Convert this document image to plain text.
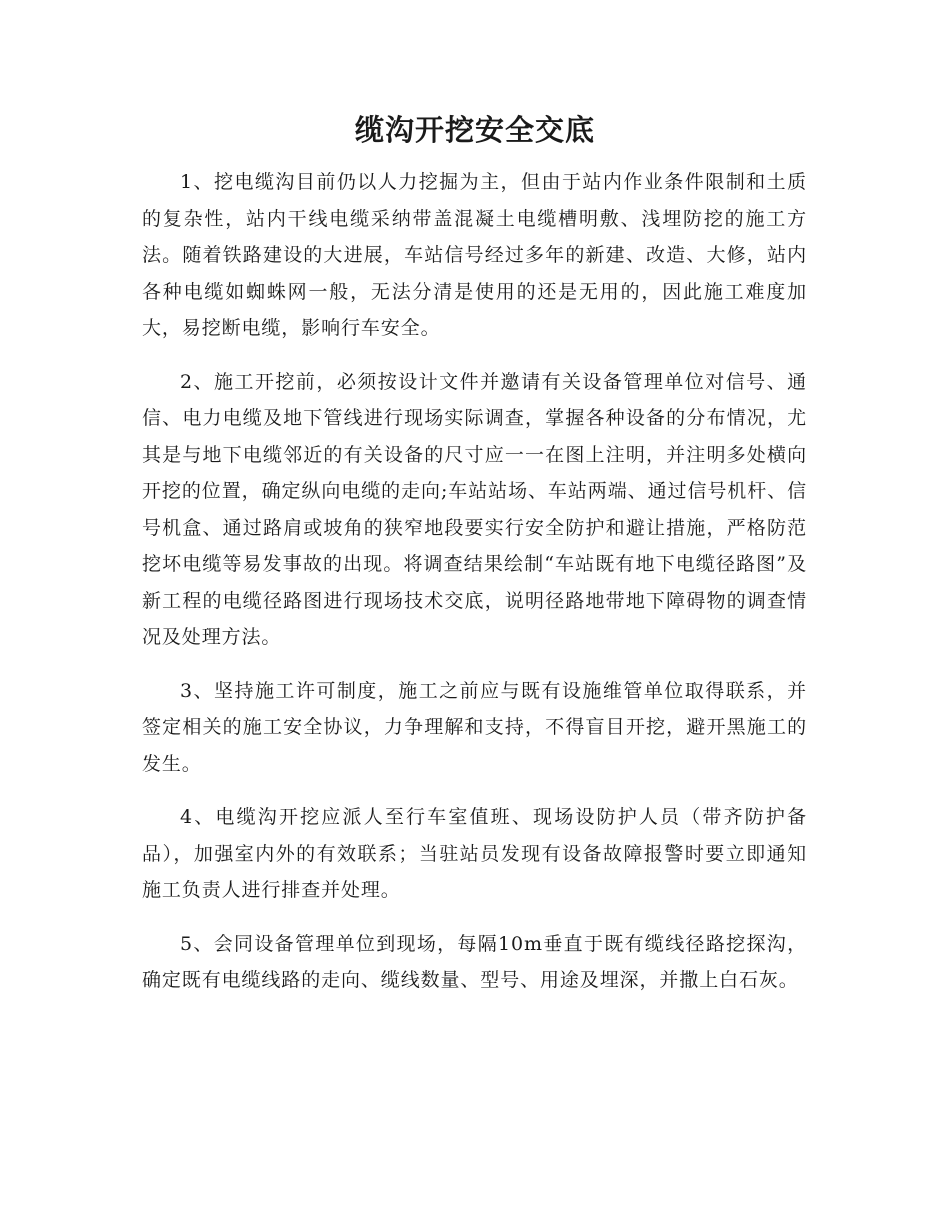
缆沟开挖安全交底

1、挖电缆沟目前仍以人力挖掘为主，但由于站内作业条件限制和土质的复杂性，站内干线电缆采纳带盖混凝土电缆槽明敷、浅埋防挖的施工方法。随着铁路建设的大进展，车站信号经过多年的新建、改造、大修，站内各种电缆如蜘蛛网一般，无法分清是使用的还是无用的，因此施工难度加大，易挖断电缆，影响行车安全。

2、施工开挖前，必须按设计文件并邀请有关设备管理单位对信号、通信、电力电缆及地下管线进行现场实际调查，掌握各种设备的分布情况，尤其是与地下电缆邻近的有关设备的尺寸应一一在图上注明，并注明多处横向开挖的位置，确定纵向电缆的走向;车站站场、车站两端、通过信号机杆、信号机盒、通过路肩或坡角的狭窄地段要实行安全防护和避让措施，严格防范挖坏电缆等易发事故的出现。将调查结果绘制“车站既有地下电缆径路图”及新工程的电缆径路图进行现场技术交底，说明径路地带地下障碍物的调查情况及处理方法。

3、坚持施工许可制度，施工之前应与既有设施维管单位取得联系，并签定相关的施工安全协议，力争理解和支持，不得盲目开挖，避开黑施工的发生。

4、电缆沟开挖应派人至行车室值班、现场设防护人员（带齐防护备品），加强室内外的有效联系；当驻站员发现有设备故障报警时要立即通知施工负责人进行排查并处理。

5、会同设备管理单位到现场，每隔10m垂直于既有缆线径路挖探沟，确定既有电缆线路的走向、缆线数量、型号、用途及埋深，并撒上白石灰。
